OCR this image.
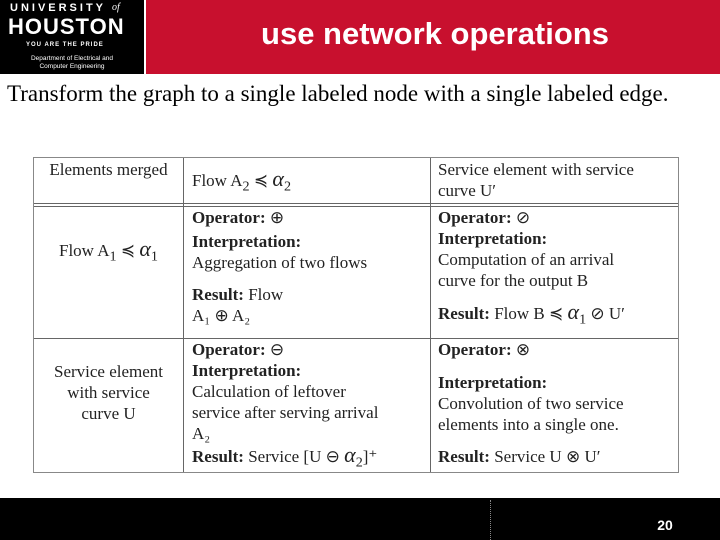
UNIVERSITY of
HOUSTON
YOU ARE THE PRIDE
Department of Electrical and
Computer Engineering
use network operations
Transform the graph to a single labeled node with a single labeled edge.
Elements merged
Flow $A_2$ ≼ $\alpha_2$
Service element with service
curve U′
Flow $A_1$ ≼ $\alpha_1$
Operator: ⊕
Interpretation:
Aggregation of two flows
Result: Flow
A₁ ⊕ A₂
Operator: ⊘
Interpretation:
Computation of an arrival
curve for the output B
Result: Flow B ≼ $\alpha_1$ ⊘ U′
Service element
with service
curve U
Operator: ⊖
Interpretation:
Calculation of leftover
service after serving arrival
A₂
Result: Service [U ⊖ $\alpha_2]^+$
Operator: ⊗
Interpretation:
Convolution of two service
elements into a single one.
Result: Service U ⊗ U′
20
